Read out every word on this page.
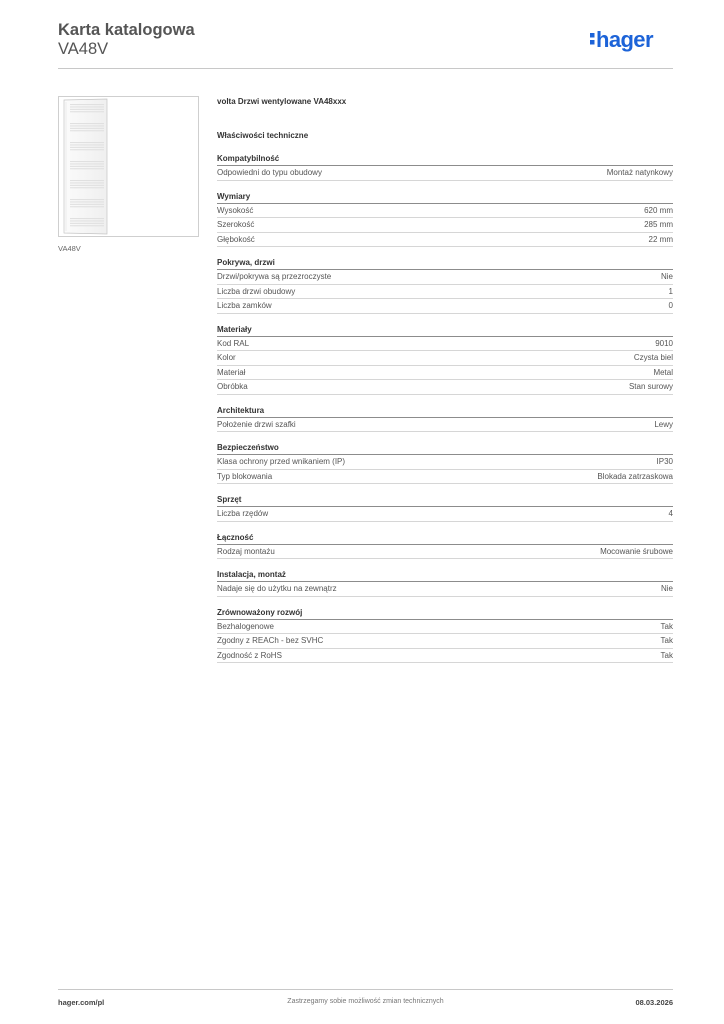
Karta katalogowa
VA48V	hager
VA48V
volta Drzwi wentylowane VA48xxx
Właściwości techniczne
Kompatybilność
Odpowiedni do typu obudowy	Montaż natynkowy
Wymiary
Wysokość	620 mm
Szerokość	285 mm
Głębokość	22 mm
Pokrywa, drzwi
Drzwi/pokrywa są przezroczyste	Nie
Liczba drzwi obudowy	1
Liczba zamków	0
Materiały
Kod RAL	9010
Kolor	Czysta biel
Materiał	Metal
Obróbka	Stan surowy
Architektura
Położenie drzwi szafki	Lewy
Bezpieczeństwo
Klasa ochrony przed wnikaniem (IP)	IP30
Typ blokowania	Blokada zatrzaskowa
Sprzęt
Liczba rzędów	4
Łączność
Rodzaj montażu	Mocowanie śrubowe
Instalacja, montaż
Nadaje się do użytku na zewnątrz	Nie
Zrównoważony rozwój
Bezhalogenowe	Tak
Zgodny z REACh - bez SVHC	Tak
Zgodność z RoHS	Tak
hager.com/pl	Zastrzegamy sobie możliwość zmian technicznych	08.03.2026
